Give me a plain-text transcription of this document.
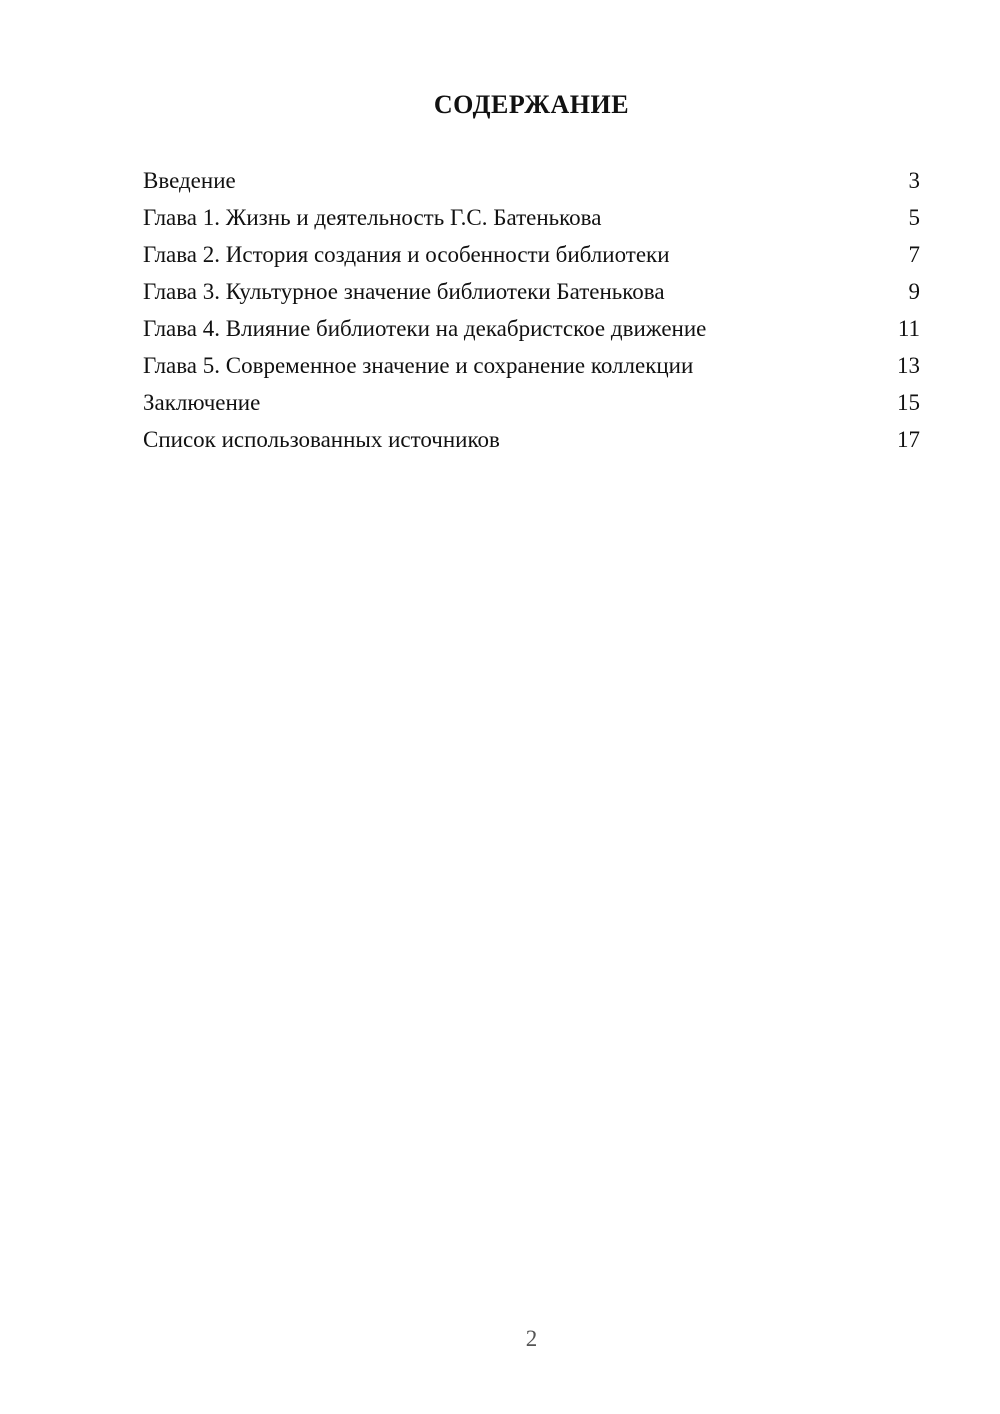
СОДЕРЖАНИЕ
Введение	3
Глава 1. Жизнь и деятельность Г.С. Батенькова	5
Глава 2. История создания и особенности библиотеки	7
Глава 3. Культурное значение библиотеки Батенькова	9
Глава 4. Влияние библиотеки на декабристское движение	11
Глава 5. Современное значение и сохранение коллекции	13
Заключение	15
Список использованных источников	17
2
